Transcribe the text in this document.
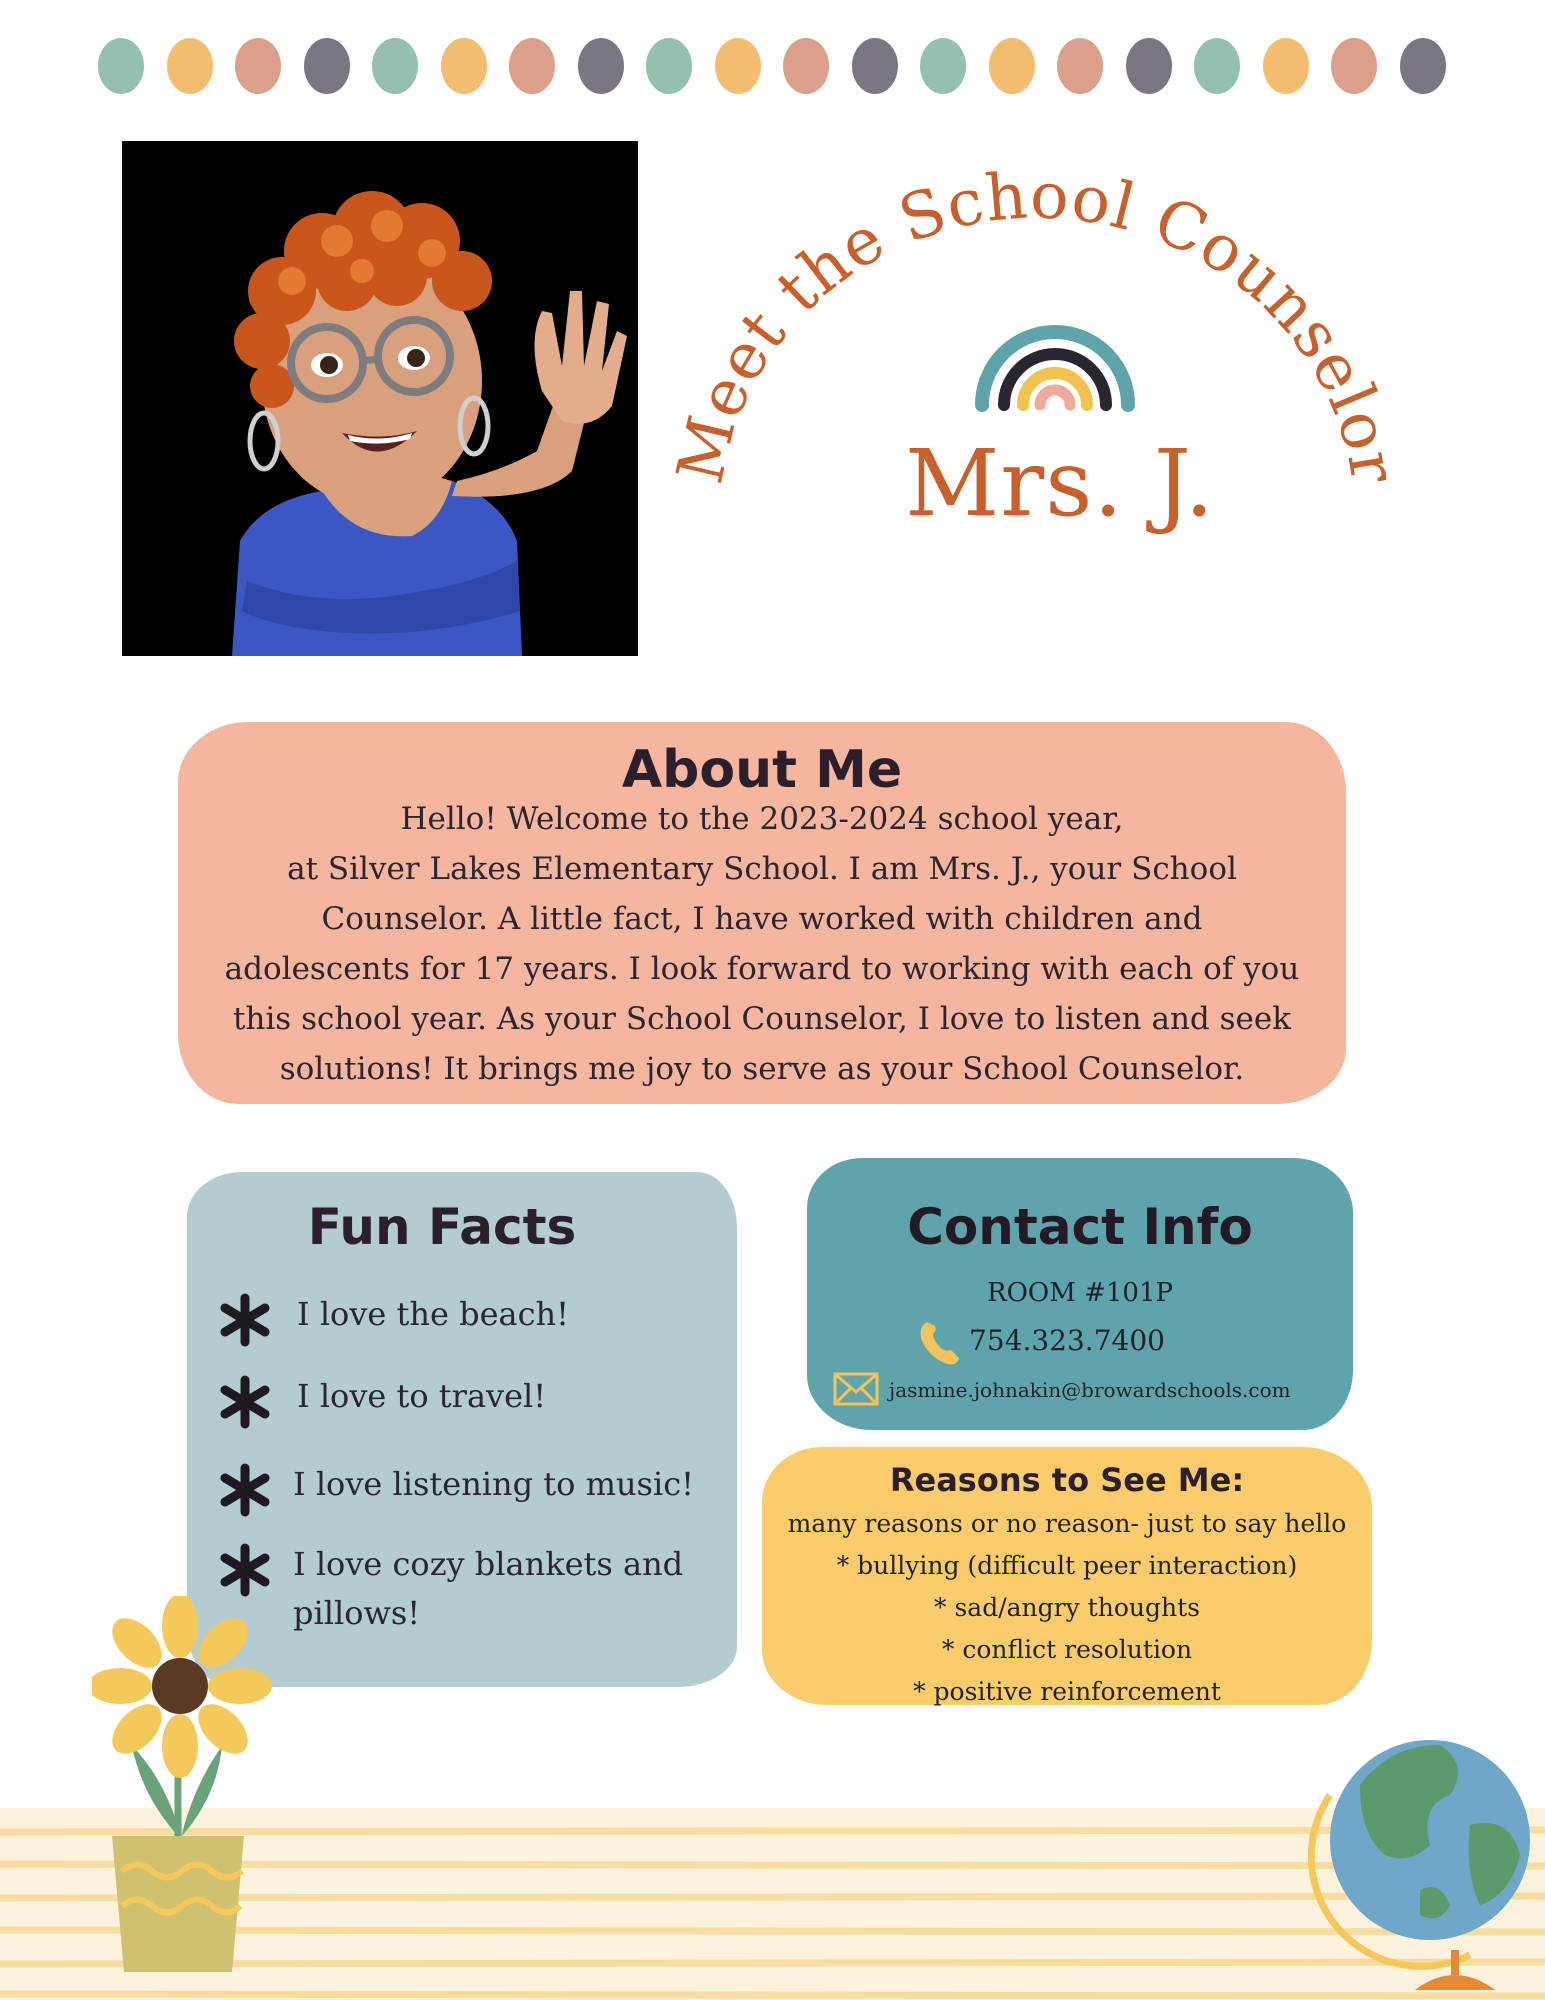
Meet the School Counselor
Mrs. J.
About Me
Hello! Welcome to the 2023-2024 school year,
at Silver Lakes Elementary School. I am Mrs. J., your School
Counselor. A little fact, I have worked with children and
adolescents for 17 years. I look forward to working with each of you
this school year. As your School Counselor, I love to listen and seek
solutions! It brings me joy to serve as your School Counselor.
Fun Facts
I love the beach!
I love to travel!
I love listening to music!
I love cozy blankets and pillows!
Contact Info
ROOM #101P
754.323.7400
jasmine.johnakin@browardschools.com
Reasons to See Me:
many reasons or no reason- just to say hello
* bullying (difficult peer interaction)
* sad/angry thoughts
* conflict resolution
* positive reinforcement
